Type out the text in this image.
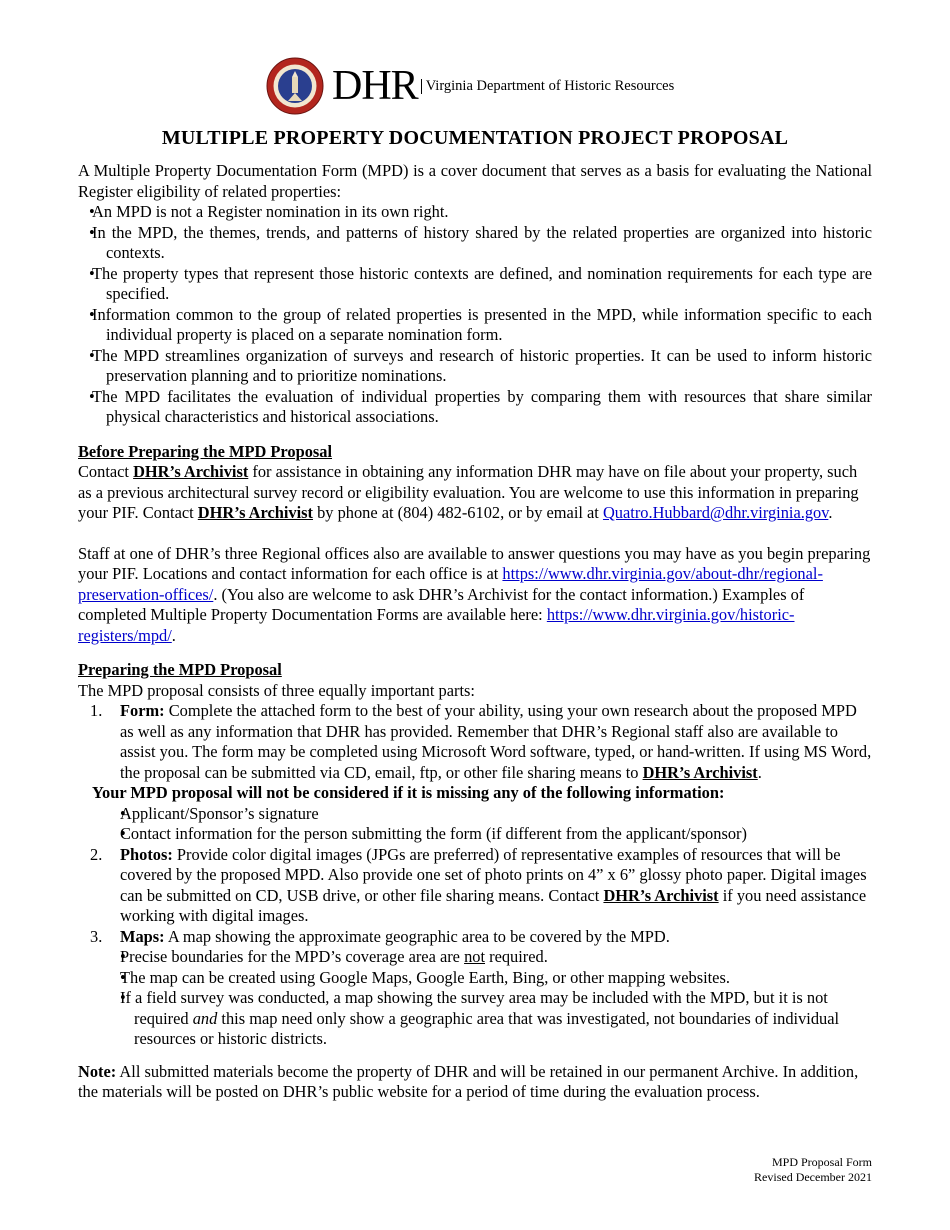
DHR Virginia Department of Historic Resources
MULTIPLE PROPERTY DOCUMENTATION PROJECT PROPOSAL

A Multiple Property Documentation Form (MPD) is a cover document that serves as a basis for evaluating the National Register eligibility of related properties:

• An MPD is not a Register nomination in its own right.
• In the MPD, the themes, trends, and patterns of history shared by the related properties are organized into historic contexts.
• The property types that represent those historic contexts are defined, and nomination requirements for each type are specified.
• Information common to the group of related properties is presented in the MPD, while information specific to each individual property is placed on a separate nomination form.
• The MPD streamlines organization of surveys and research of historic properties. It can be used to inform historic preservation planning and to prioritize nominations.
• The MPD facilitates the evaluation of individual properties by comparing them with resources that share similar physical characteristics and historical associations.
Before Preparing the MPD Proposal

Contact DHR’s Archivist for assistance in obtaining any information DHR may have on file about your property, such as a previous architectural survey record or eligibility evaluation. You are welcome to use this information in preparing your PIF. Contact DHR’s Archivist by phone at (804) 482-6102, or by email at Quatro.Hubbard@dhr.virginia.gov.

Staff at one of DHR’s three Regional offices also are available to answer questions you may have as you begin preparing your PIF. Locations and contact information for each office is at https://www.dhr.virginia.gov/about-dhr/regional-preservation-offices/. (You also are welcome to ask DHR’s Archivist for the contact information.) Examples of completed Multiple Property Documentation Forms are available here: https://www.dhr.virginia.gov/historic-registers/mpd/.

Preparing the MPD Proposal

The MPD proposal consists of three equally important parts:

1. Form: Complete the attached form to the best of your ability, using your own research about the proposed MPD as well as any information that DHR has provided. Remember that DHR’s Regional staff also are available to assist you. The form may be completed using Microsoft Word software, typed, or hand-written. If using MS Word, the proposal can be submitted via CD, email, ftp, or other file sharing means to DHR’s Archivist.
Your MPD proposal will not be considered if it is missing any of the following information:
• Applicant/Sponsor’s signature
• Contact information for the person submitting the form (if different from the applicant/sponsor)
2. Photos: Provide color digital images (JPGs are preferred) of representative examples of resources that will be covered by the proposed MPD. Also provide one set of photo prints on 4” x 6” glossy photo paper. Digital images can be submitted on CD, USB drive, or other file sharing means. Contact DHR’s Archivist if you need assistance working with digital images.
3. Maps: A map showing the approximate geographic area to be covered by the MPD.
• Precise boundaries for the MPD’s coverage area are not required.
• The map can be created using Google Maps, Google Earth, Bing, or other mapping websites.
• If a field survey was conducted, a map showing the survey area may be included with the MPD, but it is not required and this map need only show a geographic area that was investigated, not boundaries of individual resources or historic districts.

Note: All submitted materials become the property of DHR and will be retained in our permanent Archive. In addition, the materials will be posted on DHR’s public website for a period of time during the evaluation process.

MPD Proposal Form
Revised December 2021
